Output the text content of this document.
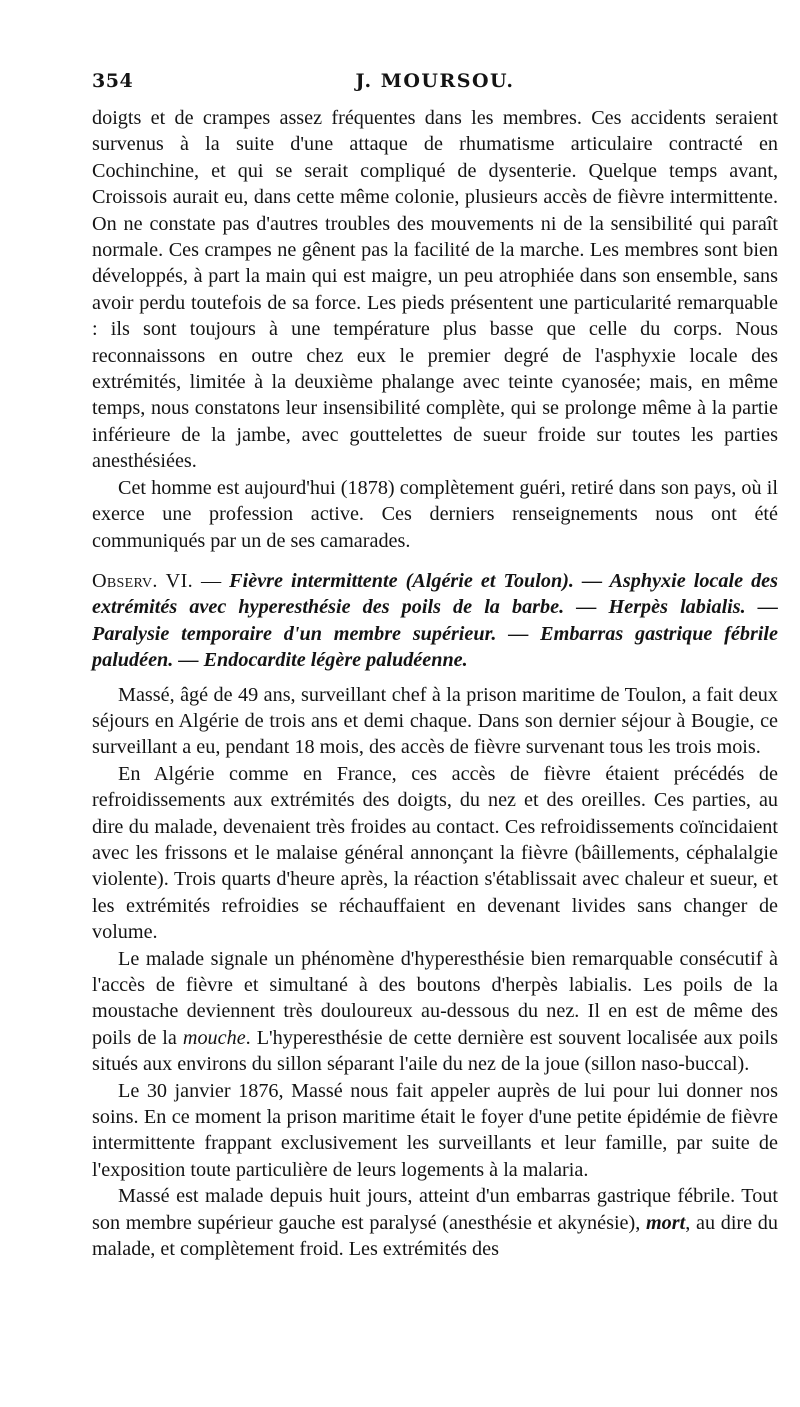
354	J. MOURSOU.

doigts et de crampes assez fréquentes dans les membres. Ces accidents seraient survenus à la suite d'une attaque de rhumatisme articulaire contracté en Cochinchine, et qui se serait compliqué de dysenterie. Quelque temps avant, Croissois aurait eu, dans cette même colonie, plusieurs accès de fièvre intermittente. On ne constate pas d'autres troubles des mouvements ni de la sensibilité qui paraît normale. Ces crampes ne gênent pas la facilité de la marche. Les membres sont bien développés, à part la main qui est maigre, un peu atrophiée dans son ensemble, sans avoir perdu toutefois de sa force. Les pieds présentent une particularité remarquable : ils sont toujours à une température plus basse que celle du corps. Nous reconnaissons en outre chez eux le premier degré de l'asphyxie locale des extrémités, limitée à la deuxième phalange avec teinte cyanosée; mais, en même temps, nous constatons leur insensibilité complète, qui se prolonge même à la partie inférieure de la jambe, avec gouttelettes de sueur froide sur toutes les parties anesthésiées.

Cet homme est aujourd'hui (1878) complètement guéri, retiré dans son pays, où il exerce une profession active. Ces derniers renseignements nous ont été communiqués par un de ses camarades.

Observ. VI. — Fièvre intermittente (Algérie et Toulon). — Asphyxie locale des extrémités avec hyperesthésie des poils de la barbe. — Herpès labialis. — Paralysie temporaire d'un membre supérieur. — Embarras gastrique fébrile paludéen. — Endocardite légère paludéenne.

Massé, âgé de 49 ans, surveillant chef à la prison maritime de Toulon, a fait deux séjours en Algérie de trois ans et demi chaque. Dans son dernier séjour à Bougie, ce surveillant a eu, pendant 18 mois, des accès de fièvre survenant tous les trois mois.

En Algérie comme en France, ces accès de fièvre étaient précédés de refroidissements aux extrémités des doigts, du nez et des oreilles. Ces parties, au dire du malade, devenaient très froides au contact. Ces refroidissements coïncidaient avec les frissons et le malaise général annonçant la fièvre (bâillements, céphalalgie violente). Trois quarts d'heure après, la réaction s'établissait avec chaleur et sueur, et les extrémités refroidies se réchauffaient en devenant livides sans changer de volume.

Le malade signale un phénomène d'hyperesthésie bien remarquable consécutif à l'accès de fièvre et simultané à des boutons d'herpès labialis. Les poils de la moustache deviennent très douloureux au-dessous du nez. Il en est de même des poils de la mouche. L'hyperesthésie de cette dernière est souvent localisée aux poils situés aux environs du sillon séparant l'aile du nez de la joue (sillon naso-buccal).

Le 30 janvier 1876, Massé nous fait appeler auprès de lui pour lui donner nos soins. En ce moment la prison maritime était le foyer d'une petite épidémie de fièvre intermittente frappant exclusivement les surveillants et leur famille, par suite de l'exposition toute particulière de leurs logements à la malaria.

Massé est malade depuis huit jours, atteint d'un embarras gastrique fébrile. Tout son membre supérieur gauche est paralysé (anesthésie et akynésie), mort, au dire du malade, et complètement froid. Les extrémités des
